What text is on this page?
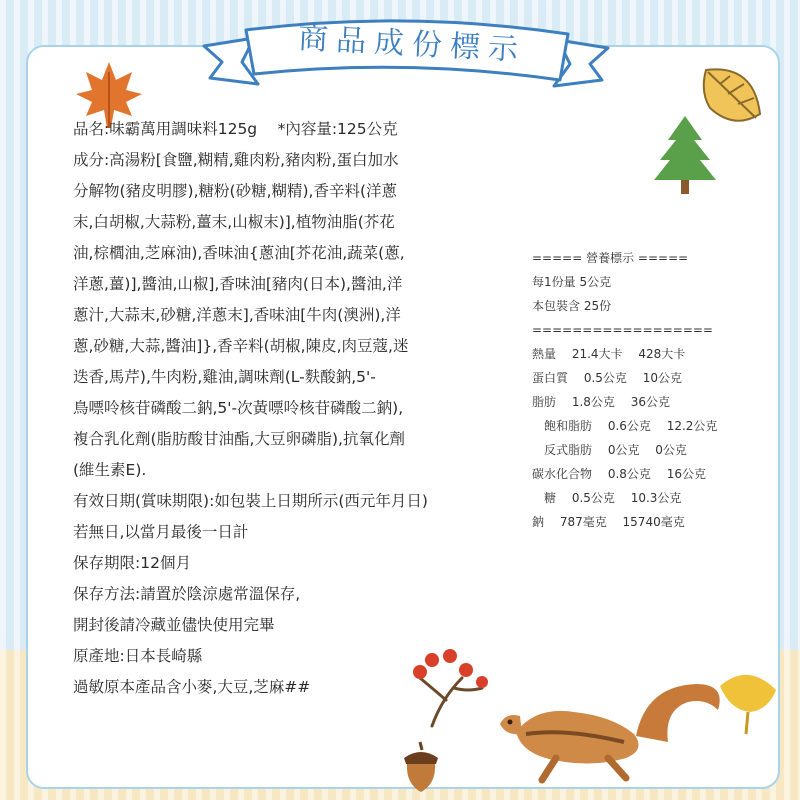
商品成份標示

品名:味霸萬用調味料125g　 *內容量:125公克

成分:高湯粉[食鹽,糊精,雞肉粉,豬肉粉,蛋白加水

分解物(豬皮明膠),糖粉(砂糖,糊精),香辛料(洋蔥

末,白胡椒,大蒜粉,薑末,山椒末)],植物油脂(芥花

油,棕櫚油,芝麻油),香味油{蔥油[芥花油,蔬菜(蔥,

洋蔥,薑)],醬油,山椒],香味油[豬肉(日本),醬油,洋

蔥汁,大蒜末,砂糖,洋蔥末],香味油[牛肉(澳洲),洋

蔥,砂糖,大蒜,醬油]},香辛料(胡椒,陳皮,肉豆蔻,迷

迭香,馬芹),牛肉粉,雞油,調味劑(L-麩酸鈉,5'-

鳥嘌呤核苷磷酸二鈉,5'-次黃嘌呤核苷磷酸二鈉),

複合乳化劑(脂肪酸甘油酯,大豆卵磷脂),抗氧化劑

(維生素E).

有效日期(賞味期限):如包裝上日期所示(西元年月日)

若無日,以當月最後一日計

保存期限:12個月

保存方法:請置於陰涼處常溫保存,

開封後請冷藏並儘快使用完畢

原產地:日本長崎縣

過敏原本產品含小麥,大豆,芝麻##

===== 營養標示 =====
每1份量 5公克
本包裝含 25份
==================
熱量　 21.4大卡　 428大卡
蛋白質　 0.5公克　 10公克
脂肪　 1.8公克　 36公克
　飽和脂肪　 0.6公克　 12.2公克
　反式脂肪　 0公克　 0公克
碳水化合物　 0.8公克　 16公克
　糖　 0.5公克　 10.3公克
鈉　 787毫克　 15740毫克
